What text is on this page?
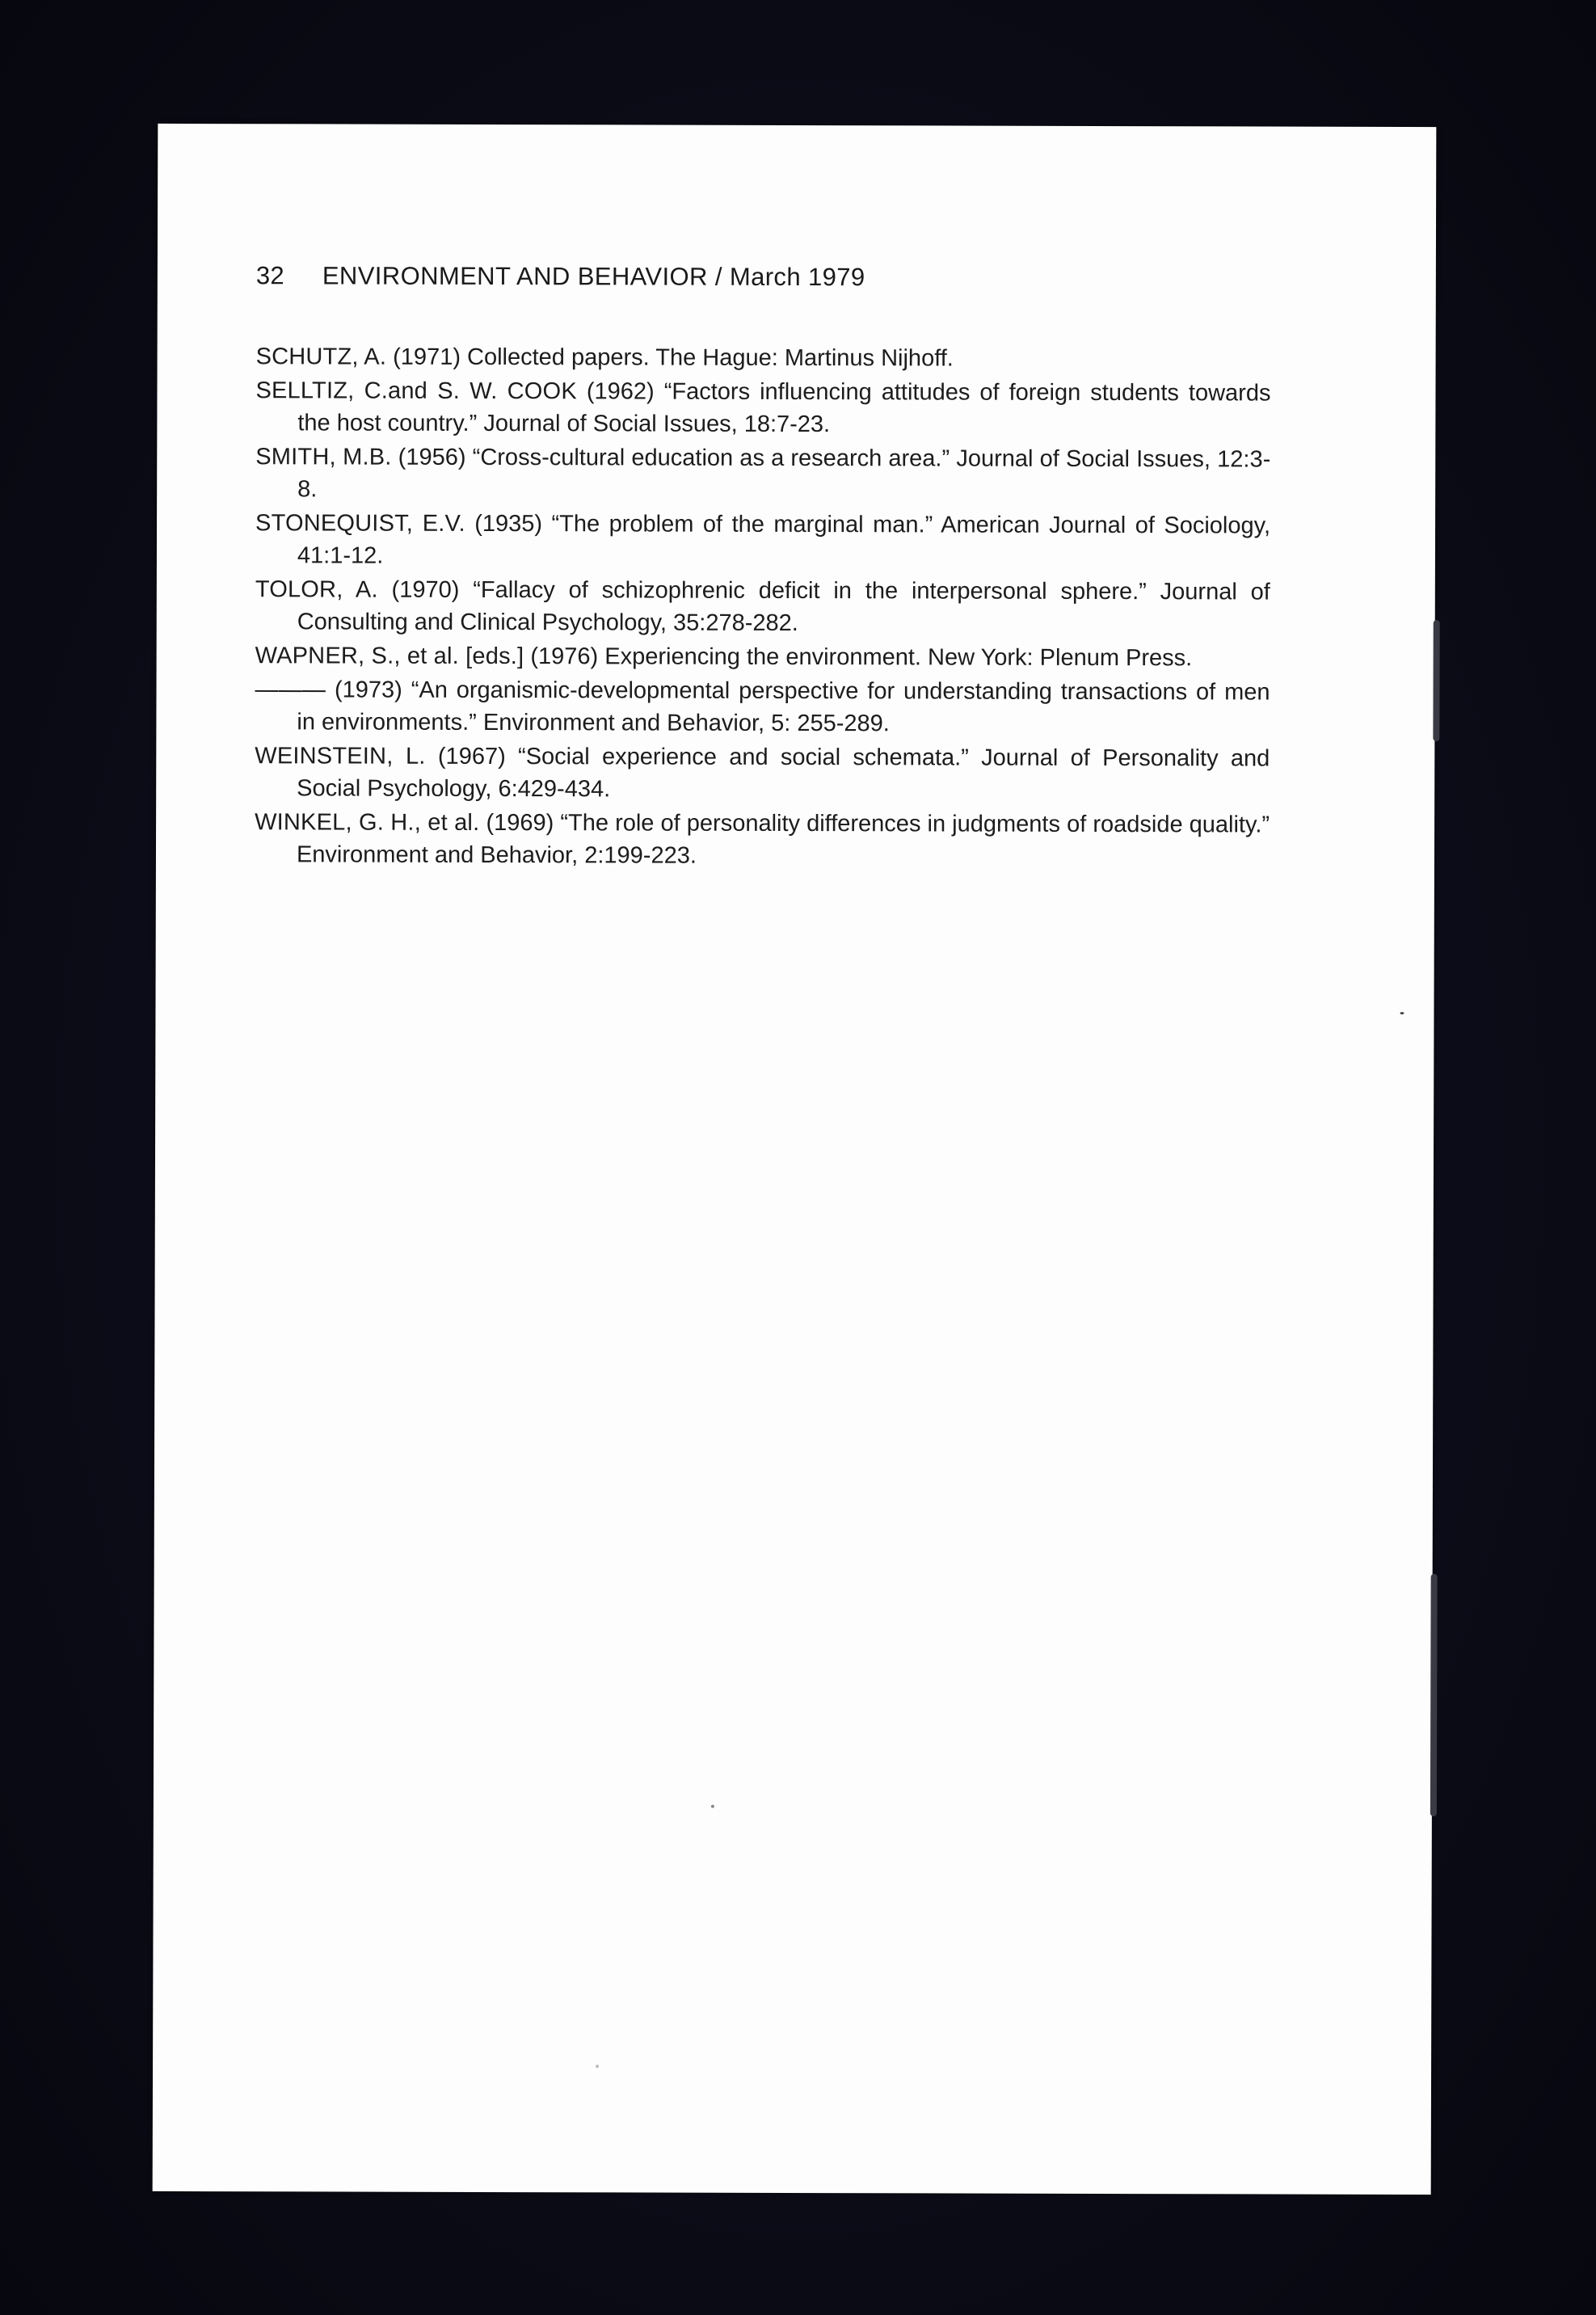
32 ENVIRONMENT AND BEHAVIOR / March 1979

SCHUTZ, A. (1971) Collected papers. The Hague: Martinus Nijhoff.

SELLTIZ, C.and S. W. COOK (1962) “Factors influencing attitudes of foreign students towards the host country.” Journal of Social Issues, 18:7-23.

SMITH, M.B. (1956) “Cross-cultural education as a research area.” Journal of Social Issues, 12:3-8.

STONEQUIST, E.V. (1935) “The problem of the marginal man.” American Journal of Sociology, 41:1-12.

TOLOR, A. (1970) “Fallacy of schizophrenic deficit in the interpersonal sphere.” Journal of Consulting and Clinical Psychology, 35:278-282.

WAPNER, S., et al. [eds.] (1976) Experiencing the environment. New York: Plenum Press.

——— (1973) “An organismic-developmental perspective for understanding transactions of men in environments.” Environment and Behavior, 5: 255-289.

WEINSTEIN, L. (1967) “Social experience and social schemata.” Journal of Personality and Social Psychology, 6:429-434.

WINKEL, G. H., et al. (1969) “The role of personality differences in judgments of roadside quality.” Environment and Behavior, 2:199-223.
